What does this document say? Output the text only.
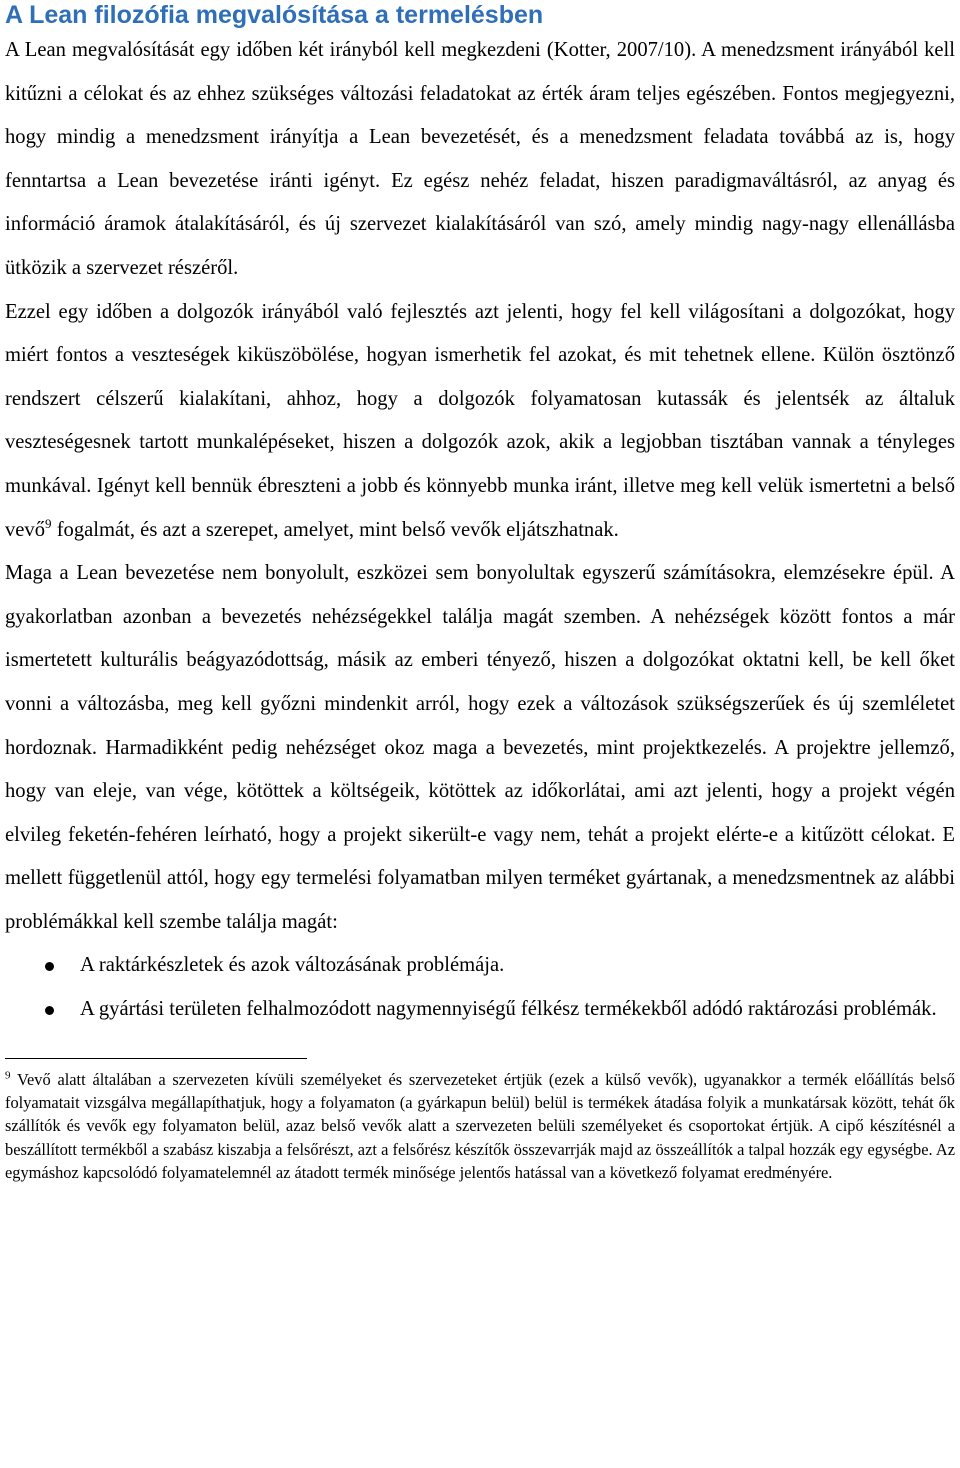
A Lean filozófia megvalósítása a termelésben

A Lean megvalósítását egy időben két irányból kell megkezdeni (Kotter, 2007/10). A menedzsment irányából kell kitűzni a célokat és az ehhez szükséges változási feladatokat az érték áram teljes egészében. Fontos megjegyezni, hogy mindig a menedzsment irányítja a Lean bevezetését, és a menedzsment feladata továbbá az is, hogy fenntartsa a Lean bevezetése iránti igényt. Ez egész nehéz feladat, hiszen paradigmaváltásról, az anyag és információ áramok átalakításáról, és új szervezet kialakításáról van szó, amely mindig nagy-nagy ellenállásba ütközik a szervezet részéről.

Ezzel egy időben a dolgozók irányából való fejlesztés azt jelenti, hogy fel kell világosítani a dolgozókat, hogy miért fontos a veszteségek kiküszöbölése, hogyan ismerhetik fel azokat, és mit tehetnek ellene. Külön ösztönző rendszert célszerű kialakítani, ahhoz, hogy a dolgozók folyamatosan kutassák és jelentsék az általuk veszteségesnek tartott munkalépéseket, hiszen a dolgozók azok, akik a legjobban tisztában vannak a tényleges munkával. Igényt kell bennük ébreszteni a jobb és könnyebb munka iránt, illetve meg kell velük ismertetni a belső vevő$^9$ fogalmát, és azt a szerepet, amelyet, mint belső vevők eljátszhatnak.

Maga a Lean bevezetése nem bonyolult, eszközei sem bonyolultak egyszerű számításokra, elemzésekre épül. A gyakorlatban azonban a bevezetés nehézségekkel találja magát szemben. A nehézségek között fontos a már ismertetett kulturális beágyazódottság, másik az emberi tényező, hiszen a dolgozókat oktatni kell, be kell őket vonni a változásba, meg kell győzni mindenkit arról, hogy ezek a változások szükségszerűek és új szemléletet hordoznak. Harmadikként pedig nehézséget okoz maga a bevezetés, mint projektkezelés. A projektre jellemző, hogy van eleje, van vége, kötöttek a költségeik, kötöttek az időkorlátai, ami azt jelenti, hogy a projekt végén elvileg feketén-fehéren leírható, hogy a projekt sikerült-e vagy nem, tehát a projekt elérte-e a kitűzött célokat. E mellett függetlenül attól, hogy egy termelési folyamatban milyen terméket gyártanak, a menedzsmentnek az alábbi problémákkal kell szembe találja magát:

A raktárkészletek és azok változásának problémája.
A gyártási területen felhalmozódott nagymennyiségű félkész termékekből adódó raktározási problémák.
$^9$ Vevő alatt általában a szervezeten kívüli személyeket és szervezeteket értjük (ezek a külső vevők), ugyanakkor a termék előállítás belső folyamatait vizsgálva megállapíthatjuk, hogy a folyamaton (a gyárkapun belül) belül is termékek átadása folyik a munkatársak között, tehát ők szállítók és vevők egy folyamaton belül, azaz belső vevők alatt a szervezeten belüli személyeket és csoportokat értjük. A cipő készítésnél a beszállított termékből a szabász kiszabja a felsőrészt, azt a felsőrész készítők összevarrják majd az összeállítók a talpal hozzák egy egységbe. Az egymáshoz kapcsolódó folyamatelemnél az átadott termék minősége jelentős hatással van a következő folyamat eredményére.
